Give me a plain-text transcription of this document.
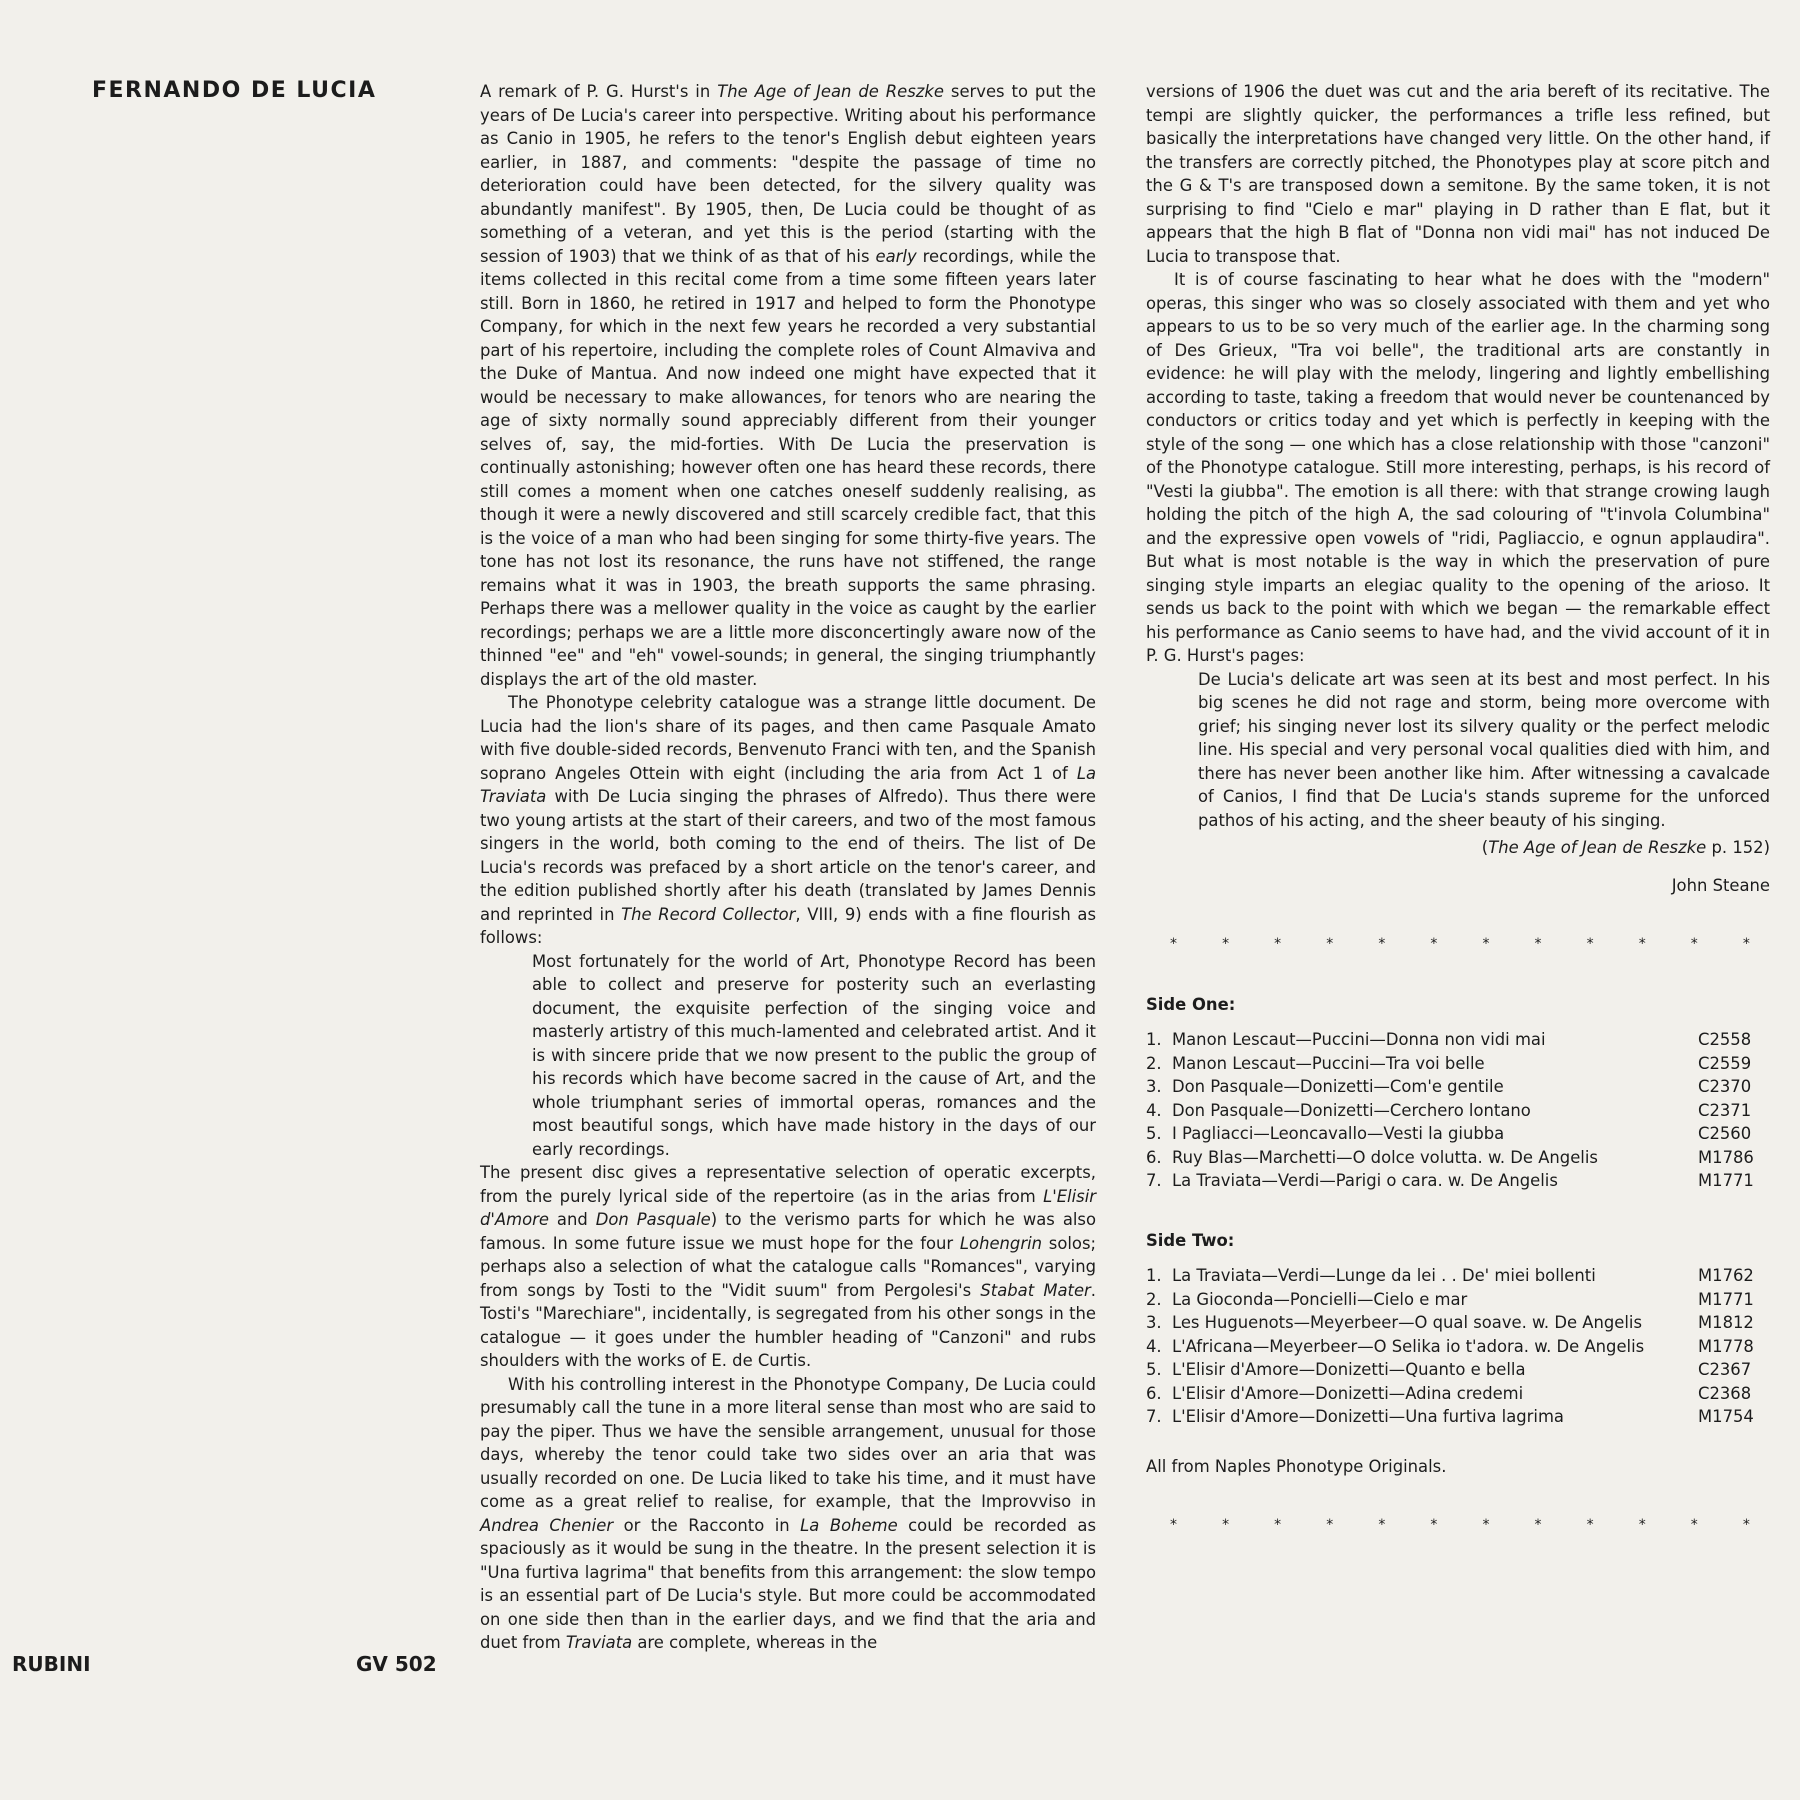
FERNANDO DE LUCIA
RUBINI	GV 502

A remark of P. G. Hurst's in The Age of Jean de Reszke serves to put the years of De Lucia's career into perspective. Writing about his performance as Canio in 1905, he refers to the tenor's English debut eighteen years earlier, in 1887, and comments: "despite the passage of time no deterioration could have been detected, for the silvery quality was abundantly manifest". By 1905, then, De Lucia could be thought of as something of a veteran, and yet this is the period (starting with the session of 1903) that we think of as that of his early recordings, while the items collected in this recital come from a time some fifteen years later still. Born in 1860, he retired in 1917 and helped to form the Phonotype Company, for which in the next few years he recorded a very substantial part of his repertoire, including the complete roles of Count Almaviva and the Duke of Mantua. And now indeed one might have expected that it would be necessary to make allowances, for tenors who are nearing the age of sixty normally sound appreciably different from their younger selves of, say, the mid-forties. With De Lucia the preservation is continually astonishing; however often one has heard these records, there still comes a moment when one catches oneself suddenly realising, as though it were a newly discovered and still scarcely credible fact, that this is the voice of a man who had been singing for some thirty-five years. The tone has not lost its resonance, the runs have not stiffened, the range remains what it was in 1903, the breath supports the same phrasing. Perhaps there was a mellower quality in the voice as caught by the earlier recordings; perhaps we are a little more disconcertingly aware now of the thinned "ee" and "eh" vowel-sounds; in general, the singing triumphantly displays the art of the old master.

The Phonotype celebrity catalogue was a strange little document. De Lucia had the lion's share of its pages, and then came Pasquale Amato with five double-sided records, Benvenuto Franci with ten, and the Spanish soprano Angeles Ottein with eight (including the aria from Act 1 of La Traviata with De Lucia singing the phrases of Alfredo). Thus there were two young artists at the start of their careers, and two of the most famous singers in the world, both coming to the end of theirs. The list of De Lucia's records was prefaced by a short article on the tenor's career, and the edition published shortly after his death (translated by James Dennis and reprinted in The Record Collector, VIII, 9) ends with a fine flourish as follows:

Most fortunately for the world of Art, Phonotype Record has been able to collect and preserve for posterity such an everlasting document, the exquisite perfection of the singing voice and masterly artistry of this much-lamented and celebrated artist. And it is with sincere pride that we now present to the public the group of his records which have become sacred in the cause of Art, and the whole triumphant series of immortal operas, romances and the most beautiful songs, which have made history in the days of our early recordings.

The present disc gives a representative selection of operatic excerpts, from the purely lyrical side of the repertoire (as in the arias from L'Elisir d'Amore and Don Pasquale) to the verismo parts for which he was also famous. In some future issue we must hope for the four Lohengrin solos; perhaps also a selection of what the catalogue calls "Romances", varying from songs by Tosti to the "Vidit suum" from Pergolesi's Stabat Mater. Tosti's "Marechiare", incidentally, is segregated from his other songs in the catalogue — it goes under the humbler heading of "Canzoni" and rubs shoulders with the works of E. de Curtis.

With his controlling interest in the Phonotype Company, De Lucia could presumably call the tune in a more literal sense than most who are said to pay the piper. Thus we have the sensible arrangement, unusual for those days, whereby the tenor could take two sides over an aria that was usually recorded on one. De Lucia liked to take his time, and it must have come as a great relief to realise, for example, that the Improvviso in Andrea Chenier or the Racconto in La Boheme could be recorded as spaciously as it would be sung in the theatre. In the present selection it is "Una furtiva lagrima" that benefits from this arrangement: the slow tempo is an essential part of De Lucia's style. But more could be accommodated on one side then than in the earlier days, and we find that the aria and duet from Traviata are complete, whereas in the

versions of 1906 the duet was cut and the aria bereft of its recitative. The tempi are slightly quicker, the performances a trifle less refined, but basically the interpretations have changed very little. On the other hand, if the transfers are correctly pitched, the Phonotypes play at score pitch and the G & T's are transposed down a semitone. By the same token, it is not surprising to find "Cielo e mar" playing in D rather than E flat, but it appears that the high B flat of "Donna non vidi mai" has not induced De Lucia to transpose that.

It is of course fascinating to hear what he does with the "modern" operas, this singer who was so closely associated with them and yet who appears to us to be so very much of the earlier age. In the charming song of Des Grieux, "Tra voi belle", the traditional arts are constantly in evidence: he will play with the melody, lingering and lightly embellishing according to taste, taking a freedom that would never be countenanced by conductors or critics today and yet which is perfectly in keeping with the style of the song — one which has a close relationship with those "canzoni" of the Phonotype catalogue. Still more interesting, perhaps, is his record of "Vesti la giubba". The emotion is all there: with that strange crowing laugh holding the pitch of the high A, the sad colouring of "t'invola Columbina" and the expressive open vowels of "ridi, Pagliaccio, e ognun applaudira". But what is most notable is the way in which the preservation of pure singing style imparts an elegiac quality to the opening of the arioso. It sends us back to the point with which we began — the remarkable effect his performance as Canio seems to have had, and the vivid account of it in P. G. Hurst's pages:

De Lucia's delicate art was seen at its best and most perfect. In his big scenes he did not rage and storm, being more overcome with grief; his singing never lost its silvery quality or the perfect melodic line. His special and very personal vocal qualities died with him, and there has never been another like him. After witnessing a cavalcade of Canios, I find that De Lucia's stands supreme for the unforced pathos of his acting, and the sheer beauty of his singing.

(The Age of Jean de Reszke p. 152)
John Steane
*	*	*	*	*	*	*	*	*	*	*	*
Side One:
1. Manon Lescaut—Puccini—Donna non vidi mai	C2558
2. Manon Lescaut—Puccini—Tra voi belle	C2559
3. Don Pasquale—Donizetti—Com'e gentile	C2370
4. Don Pasquale—Donizetti—Cerchero lontano	C2371
5. I Pagliacci—Leoncavallo—Vesti la giubba	C2560
6. Ruy Blas—Marchetti—O dolce volutta. w. De Angelis	M1786
7. La Traviata—Verdi—Parigi o cara. w. De Angelis	M1771
Side Two:
1. La Traviata—Verdi—Lunge da lei . . De' miei bollenti	M1762
2. La Gioconda—Poncielli—Cielo e mar	M1771
3. Les Huguenots—Meyerbeer—O qual soave. w. De Angelis	M1812
4. L'Africana—Meyerbeer—O Selika io t'adora. w. De Angelis	M1778
5. L'Elisir d'Amore—Donizetti—Quanto e bella	C2367
6. L'Elisir d'Amore—Donizetti—Adina credemi	C2368
7. L'Elisir d'Amore—Donizetti—Una furtiva lagrima	M1754
All from Naples Phonotype Originals.
*	*	*	*	*	*	*	*	*	*	*	*
